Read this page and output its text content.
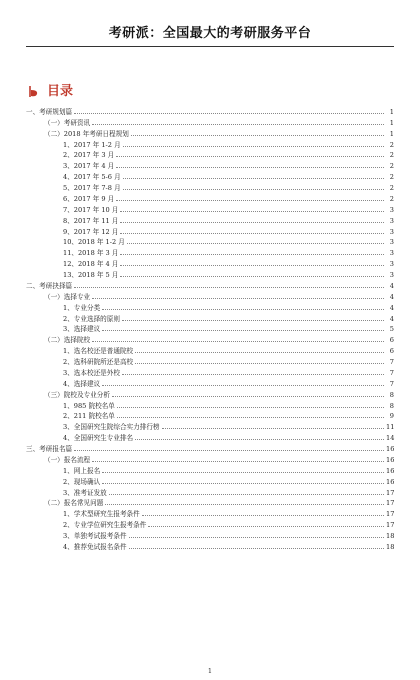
考研派：全国最大的考研服务平台
目录
一、考研规划篇	1
（一）考研资讯	1
（二）2018 年考研日程规划	1
1、2017 年 1-2 月	2
2、2017 年 3 月	2
3、2017 年 4 月	2
4、2017 年 5-6 月	2
5、2017 年 7-8 月	2
6、2017 年 9 月	2
7、2017 年 10 月	3
8、2017 年 11 月	3
9、2017 年 12 月	3
10、2018 年 1-2 月	3
11、2018 年 3 月	3
12、2018 年 4 月	3
13、2018 年 5 月	3
二、考研抉择篇	4
（一）选择专业	4
1、专业分类	4
2、专业选择的原则	4
3、选择建议	5
（二）选择院校	6
1、选名校还是普通院校	6
2、选科研院所还是高校	7
3、选本校还是外校	7
4、选择建议	7
（三）院校及专业分析	8
1、985 院校名单	8
2、211 院校名单	9
3、全国研究生院综合实力排行榜	11
4、全国研究生专业排名	14
三、考研报名篇	16
（一）报名流程	16
1、网上报名	16
2、现场确认	16
3、准考证发放	17
（二）报名常见问题	17
1、学术型研究生报考条件	17
2、专业学位研究生报考条件	17
3、单独考试报考条件	18
4、推荐免试报名条件	18
1
